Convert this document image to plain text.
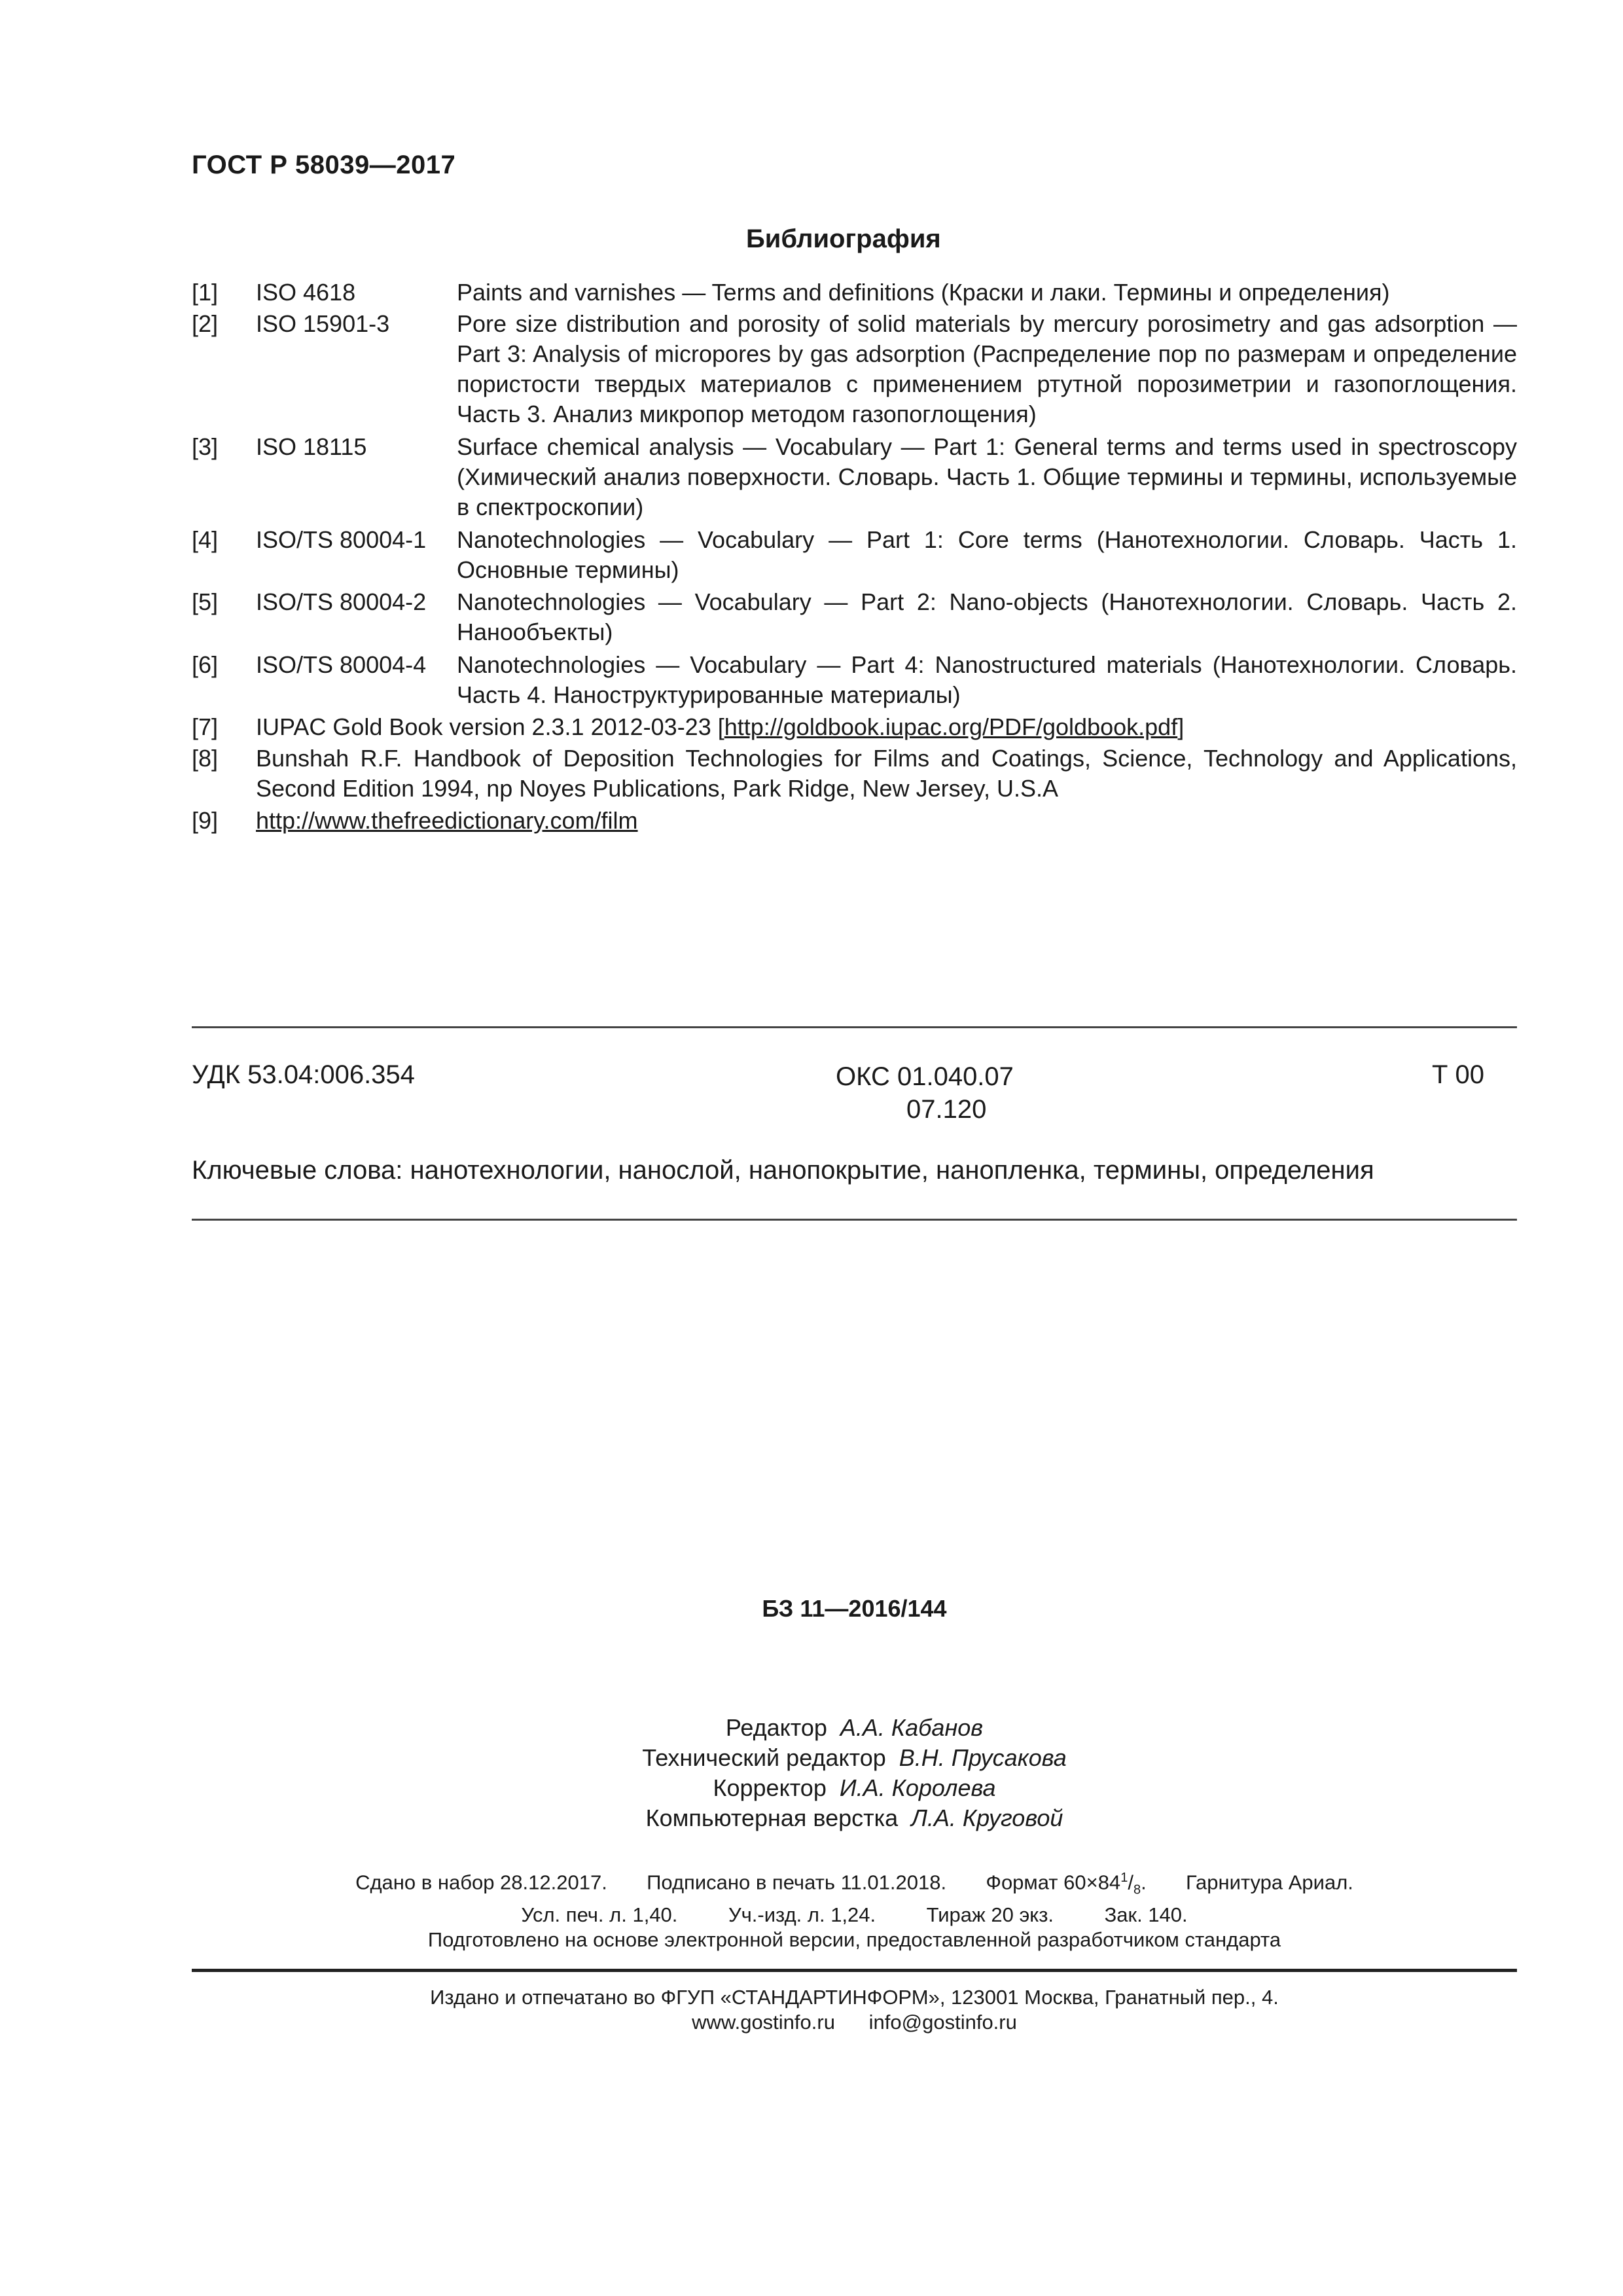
ГОСТ Р 58039—2017
Библиография
[1] ISO 4618	Paints and varnishes — Terms and definitions (Краски и лаки. Термины и определения)
[2] ISO 15901-3	Pore size distribution and porosity of solid materials by mercury porosimetry and gas adsorption — Part 3: Analysis of micropores by gas adsorption (Распределение пор по размерам и определение пористости твердых материалов с применением ртутной порозиметрии и газопоглощения. Часть 3. Анализ микропор методом газопоглощения)
[3] ISO 18115	Surface chemical analysis — Vocabulary — Part 1: General terms and terms used in spectroscopy (Химический анализ поверхности. Словарь. Часть 1. Общие термины и термины, используемые в спектроскопии)
[4] ISO/TS 80004-1 Nanotechnologies — Vocabulary — Part 1: Core terms (Нанотехнологии. Словарь. Часть 1. Основные термины)
[5] ISO/TS 80004-2 Nanotechnologies — Vocabulary — Part 2: Nano-objects (Нанотехнологии. Словарь. Часть 2. Нанообъекты)
[6] ISO/TS 80004-4 Nanotechnologies — Vocabulary — Part 4: Nanostructured materials (Нанотехнологии. Словарь. Часть 4. Наноструктурированные материалы)
[7] IUPAC Gold Book version 2.3.1 2012-03-23 [http://goldbook.iupac.org/PDF/goldbook.pdf]
[8] Bunshah R.F. Handbook of Deposition Technologies for Films and Coatings, Science, Technology and Applications, Second Edition 1994, np Noyes Publications, Park Ridge, New Jersey, U.S.A
[9] http://www.thefreedictionary.com/film
УДК 53.04:006.354	ОКС 01.040.07
07.120
Т 00
Ключевые слова: нанотехнологии, нанослой, нанопокрытие, нанопленка, термины, определения
БЗ 11—2016/144
Редактор А.А. Кабанов
Технический редактор В.Н. Прусакова
Корректор И.А. Королева
Компьютерная верстка Л.А. Круговой
Сдано в набор 28.12.2017. Подписано в печать 11.01.2018. Формат $60\times 84^1/_8$. Гарнитура Ариал.
Усл. печ. л. 1,40.	Уч.-изд. л. 1,24.	Тираж 20 экз.	Зак. 140.
Подготовлено на основе электронной версии, предоставленной разработчиком стандарта
Издано и отпечатано во ФГУП «СТАНДАРТИНФОРМ», 123001 Москва, Гранатный пер., 4.
www.gostinfo.ru info@gostinfo.ru
